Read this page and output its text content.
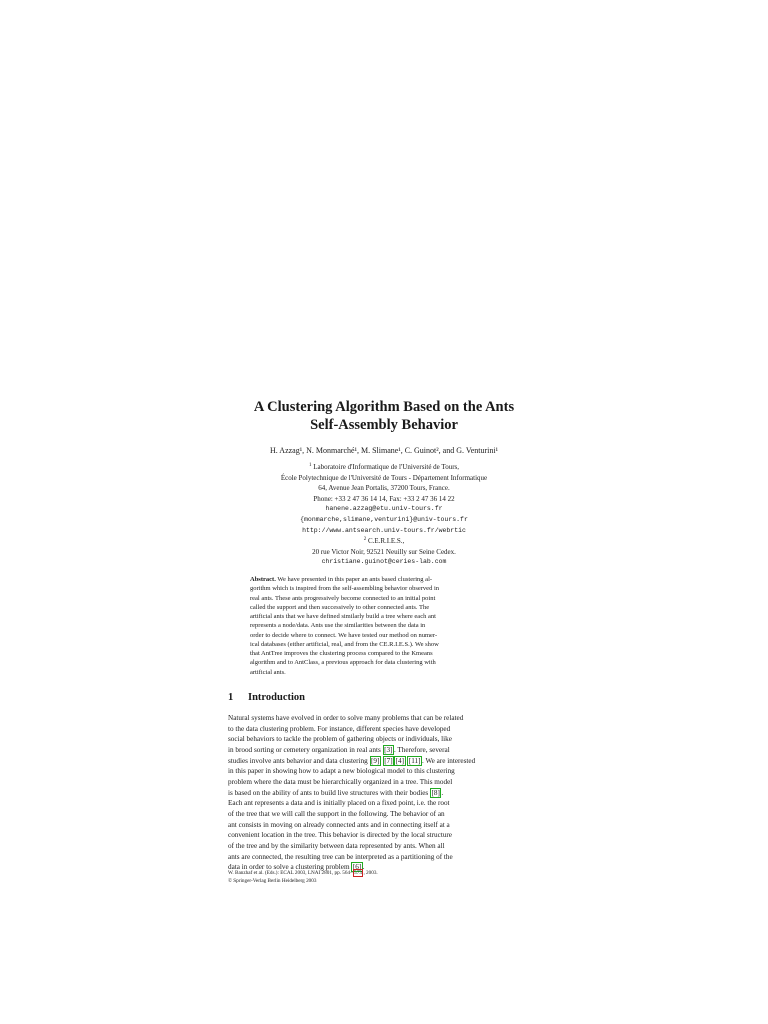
A Clustering Algorithm Based on the Ants
Self-Assembly Behavior
H. Azzag¹, N. Monmarché¹, M. Slimane¹, C. Guinot², and G. Venturini¹
$^1$ Laboratoire d'Informatique de l'Université de Tours,
École Polytechnique de l'Université de Tours - Département Informatique
64, Avenue Jean Portalis, 37200 Tours, France.
Phone: +33 2 47 36 14 14, Fax: +33 2 47 36 14 22
hanene.azzag@etu.univ-tours.fr
{monmarche,slimane,venturini}@univ-tours.fr
http://www.antsearch.univ-tours.fr/webrtic
$^2$ C.E.R.I.E.S.,
20 rue Victor Noir, 92521 Neuilly sur Seine Cedex.
christiane.guinot@ceries-lab.com
Abstract. We have presented in this paper an ants based clustering al-
gorithm which is inspired from the self-assembling behavior observed in
real ants. These ants progressively become connected to an initial point
called the support and then successively to other connected ants. The
artificial ants that we have defined similarly build a tree where each ant
represents a node/data. Ants use the similarities between the data in
order to decide where to connect. We have tested our method on numer-
ical databases (either artificial, real, and from the CE.R.I.E.S.). We show
that AntTree improves the clustering process compared to the Kmeans
algorithm and to AntClass, a previous approach for data clustering with
artificial ants.
1 Introduction
Natural systems have evolved in order to solve many problems that can be related
to the data clustering problem. For instance, different species have developed
social behaviors to tackle the problem of gathering objects or individuals, like
in brood sorting or cemetery organization in real ants [3] . Therefore, several
studies involve ants behavior and data clustering [9] [7] [4] [11] . We are interested
in this paper in showing how to adapt a new biological model to this clustering
problem where the data must be hierarchically organized in a tree. This model
is based on the ability of ants to build live structures with their bodies [8] .
Each ant represents a data and is initially placed on a fixed point, i.e. the root
of the tree that we will call the support in the following. The behavior of an
ant consists in moving on already connected ants and in connecting itself at a
convenient location in the tree. This behavior is directed by the local structure
of the tree and by the similarity between data represented by ants. When all
ants are connected, the resulting tree can be interpreted as a partitioning of the
data in order to solve a clustering problem [6] .
W. Banzhaf et al. (Eds.): ECAL 2003, LNAI 2801, pp. 564– 573 , 2003.
© Springer-Verlag Berlin Heidelberg 2003
